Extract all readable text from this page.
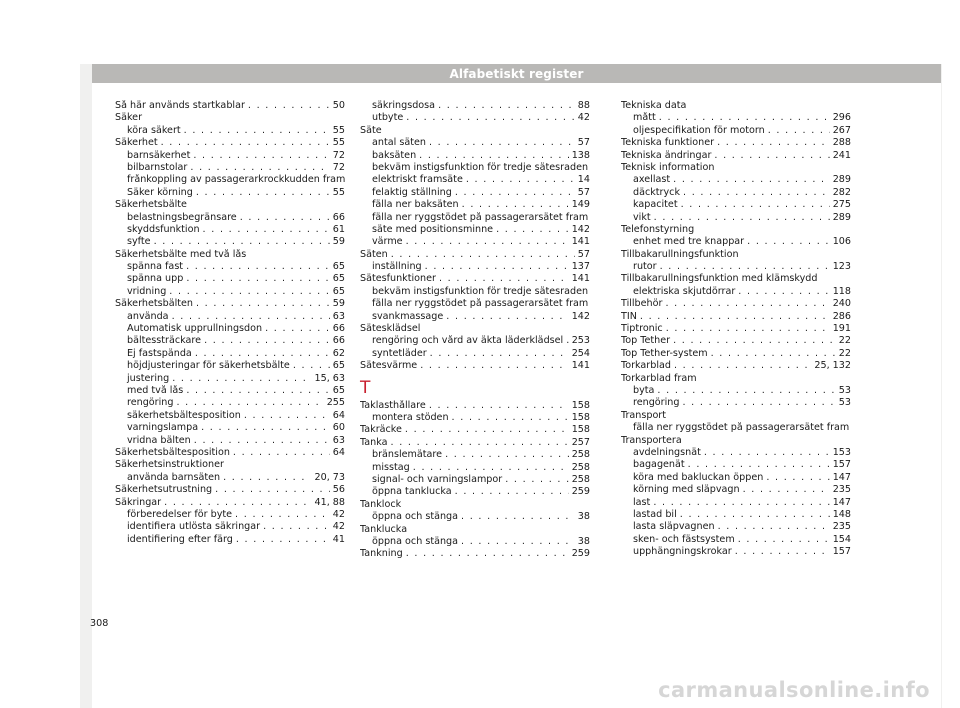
Alfabetiskt register
Så här används startkablar . . .	50
Säker
köra säkert . . .	55
Säkerhet . . .	55
barnsäkerhet . . .	72
bilbarnstolar . . .	72
frånkoppling av passagerarkrockkudden fram
Säker körning . . .	55
Säkerhetsbälte
belastningsbegränsare . . .	66
skyddsfunktion . . .	61
syfte . . .	59
Säkerhetsbälte med två lås
spänna fast . . .	65
spänna upp . . .	65
vridning . . .	65
Säkerhetsbälten . . .	59
använda . . .	63
Automatisk upprullningsdon . . .	66
bältessträckare . . .	66
Ej fastspända . . .	62
höjdjusteringar för säkerhetsbälte . . .	65
justering . . .	15, 63
med två lås . . .	65
rengöring . . .	255
säkerhetsbältesposition . . .	64
varningslampa . . .	60
vridna bälten . . .	63
Säkerhetsbältesposition . . .	64
Säkerhetsinstruktioner
använda barnsäten . . .	20, 73
Säkerhetsutrustning . . .	56
Säkringar . . .	41, 88
förberedelser för byte . . .	42
identifiera utlösta säkringar . . .	42
identifiering efter färg . . .	41
säkringsdosa . . .	88
utbyte . . .	42
Säte
antal säten . . .	57
baksäten . . .	138
bekväm instigsfunktion för tredje sätesraden
elektriskt framsäte . . .	14
felaktig ställning . . .	57
fälla ner baksäten . . .	149
fälla ner ryggstödet på passagerarsätet fram
säte med positionsminne . . .	142
värme . . .	141
Säten . . .	57
inställning . . .	137
Sätesfunktioner . . .	141
bekväm instigsfunktion för tredje sätesraden
fälla ner ryggstödet på passagerarsätet fram
svankmassage . . .	142
Sätesklädsel
rengöring och vård av äkta läderklädsel . . . 253
syntetläder . . .	254
Sätesvärme . . .	141
T
Taklasthållare . . .	158
montera stöden . . .	158
Takräcke . . .	158
Tanka . . .	257
bränslemätare . . .	258
misstag . . .	258
signal- och varningslampor . . .	258
öppna tanklucka . . .	259
Tanklock
öppna och stänga . . .	38
Tanklucka
öppna och stänga . . .	38
Tankning . . .	259
Tekniska data
mått . . .	296
oljespecifikation för motorn . . .	267
Tekniska funktioner . . .	288
Tekniska ändringar . . .	241
Teknisk information
axellast . . .	289
däcktryck . . .	282
kapacitet . . .	275
vikt . . .	289
Telefonstyrning
enhet med tre knappar . . .	106
Tillbakarullningsfunktion
rutor . . .	123
Tillbakarullningsfunktion med klämskydd
elektriska skjutdörrar . . .	118
Tillbehör . . .	240
TIN . . .	286
Tiptronic . . .	191
Top Tether . . .	22
Top Tether-system . . .	22
Torkarblad . . .	25, 132
Torkarblad fram
byta . . .	53
rengöring . . .	53
Transport
fälla ner ryggstödet på passagerarsätet fram
Transportera
avdelningsnät . . .	153
bagagenät . . .	157
köra med bakluckan öppen . . .	147
körning med släpvagn . . .	235
last . . .	147
lastad bil . . .	148
lasta släpvagnen . . .	235
sken- och fästsystem . . .	154
upphängningskrokar . . .	157
308
carmanualsonline.info
